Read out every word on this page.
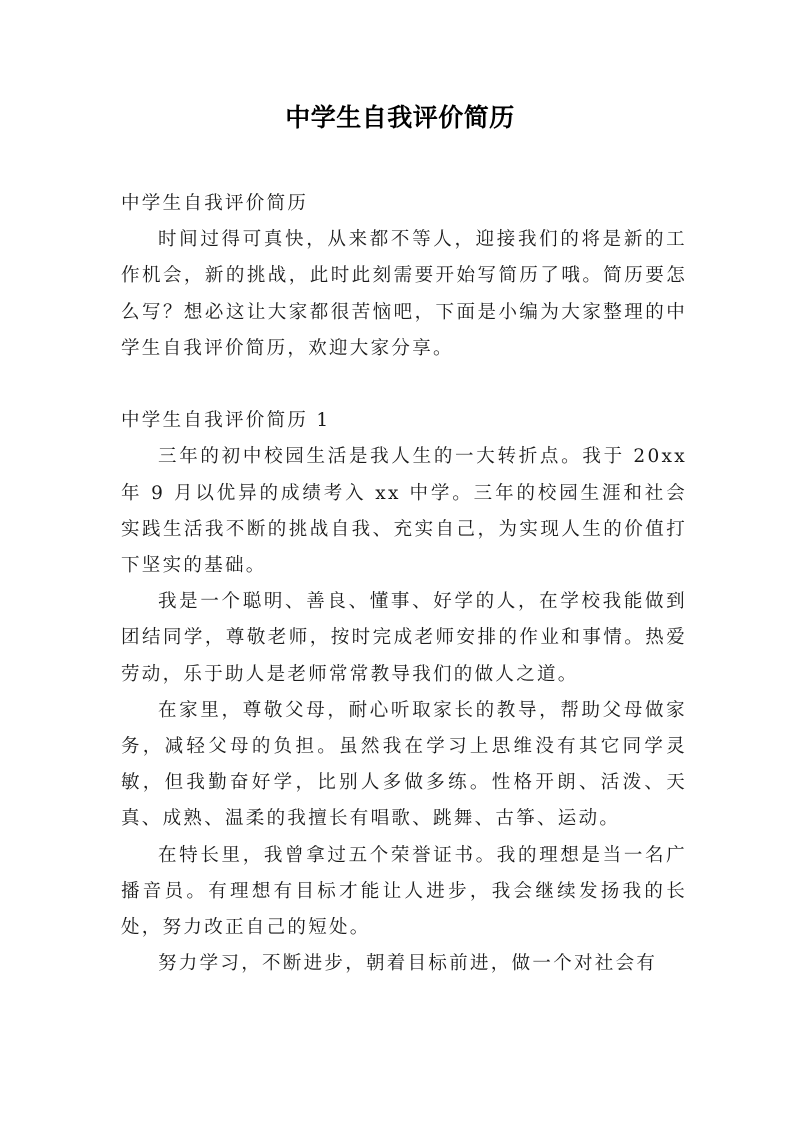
中学生自我评价简历

中学生自我评价简历

时间过得可真快，从来都不等人，迎接我们的将是新的工作机会，新的挑战，此时此刻需要开始写简历了哦。简历要怎么写？想必这让大家都很苦恼吧，下面是小编为大家整理的中学生自我评价简历，欢迎大家分享。

中学生自我评价简历 1

三年的初中校园生活是我人生的一大转折点。我于 20xx 年 9 月以优异的成绩考入 xx 中学。三年的校园生涯和社会实践生活我不断的挑战自我、充实自己，为实现人生的价值打下坚实的基础。

我是一个聪明、善良、懂事、好学的人，在学校我能做到团结同学，尊敬老师，按时完成老师安排的作业和事情。热爱劳动，乐于助人是老师常常教导我们的做人之道。

在家里，尊敬父母，耐心听取家长的教导，帮助父母做家务，减轻父母的负担。虽然我在学习上思维没有其它同学灵敏，但我勤奋好学，比别人多做多练。性格开朗、活泼、天真、成熟、温柔的我擅长有唱歌、跳舞、古筝、运动。

在特长里，我曾拿过五个荣誉证书。我的理想是当一名广播音员。有理想有目标才能让人进步，我会继续发扬我的长处，努力改正自己的短处。

努力学习，不断进步，朝着目标前进，做一个对社会有
